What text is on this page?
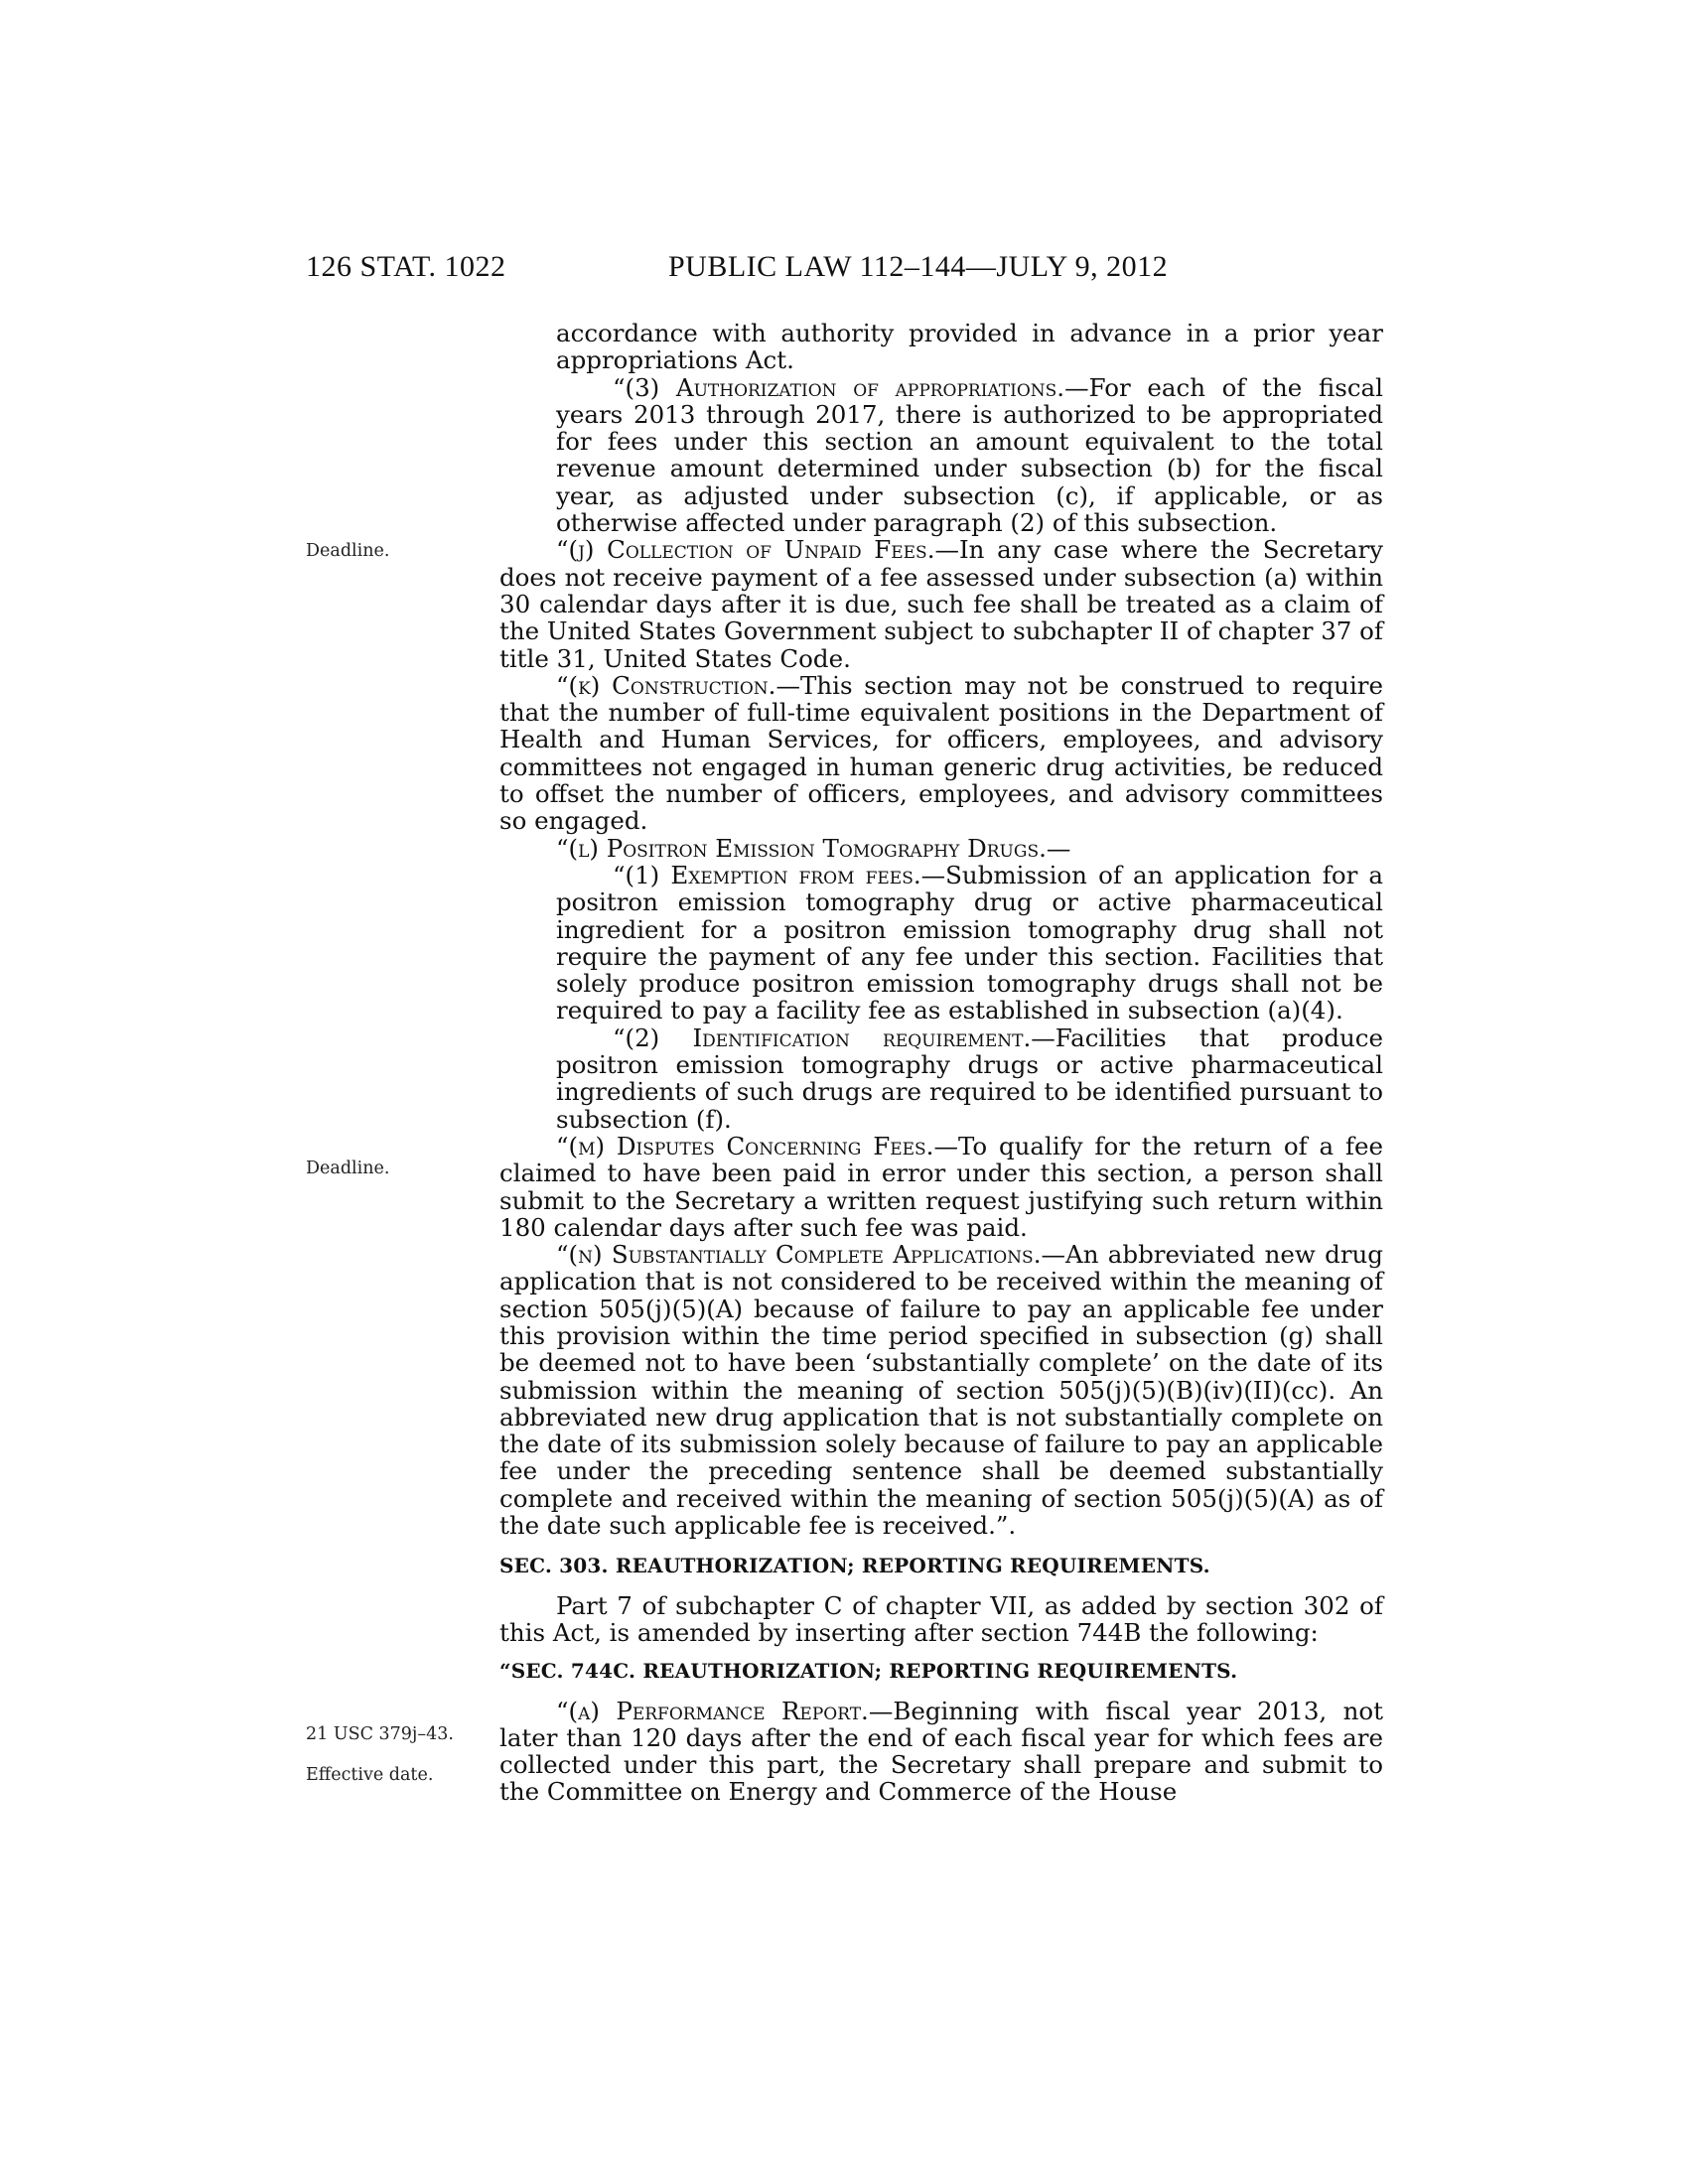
126 STAT. 1022	PUBLIC LAW 112–144—JULY 9, 2012
Deadline.
Deadline.
21 USC 379j–43.
Effective date.

accordance with authority provided in advance in a prior year appropriations Act.

“(3) Authorization of appropriations.—For each of the fiscal years 2013 through 2017, there is authorized to be appropriated for fees under this section an amount equivalent to the total revenue amount determined under subsection (b) for the fiscal year, as adjusted under subsection (c), if applicable, or as otherwise affected under paragraph (2) of this subsection.

“(j) Collection of Unpaid Fees.—In any case where the Secretary does not receive payment of a fee assessed under subsection (a) within 30 calendar days after it is due, such fee shall be treated as a claim of the United States Government subject to subchapter II of chapter 37 of title 31, United States Code.

“(k) Construction.—This section may not be construed to require that the number of full-time equivalent positions in the Department of Health and Human Services, for officers, employees, and advisory committees not engaged in human generic drug activities, be reduced to offset the number of officers, employees, and advisory committees so engaged.

“(l) Positron Emission Tomography Drugs.—

“(1) Exemption from fees.—Submission of an application for a positron emission tomography drug or active pharmaceutical ingredient for a positron emission tomography drug shall not require the payment of any fee under this section. Facilities that solely produce positron emission tomography drugs shall not be required to pay a facility fee as established in subsection (a)(4).

“(2) Identification requirement.—Facilities that produce positron emission tomography drugs or active pharmaceutical ingredients of such drugs are required to be identified pursuant to subsection (f).

“(m) Disputes Concerning Fees.—To qualify for the return of a fee claimed to have been paid in error under this section, a person shall submit to the Secretary a written request justifying such return within 180 calendar days after such fee was paid.

“(n) Substantially Complete Applications.—An abbreviated new drug application that is not considered to be received within the meaning of section 505(j)(5)(A) because of failure to pay an applicable fee under this provision within the time period specified in subsection (g) shall be deemed not to have been ‘substantially complete’ on the date of its submission within the meaning of section 505(j)(5)(B)(iv)(II)(cc). An abbreviated new drug application that is not substantially complete on the date of its submission solely because of failure to pay an applicable fee under the preceding sentence shall be deemed substantially complete and received within the meaning of section 505(j)(5)(A) as of the date such applicable fee is received.”.

SEC. 303. REAUTHORIZATION; REPORTING REQUIREMENTS.

Part 7 of subchapter C of chapter VII, as added by section 302 of this Act, is amended by inserting after section 744B the following:

“SEC. 744C. REAUTHORIZATION; REPORTING REQUIREMENTS.

“(a) Performance Report.—Beginning with fiscal year 2013, not later than 120 days after the end of each fiscal year for which fees are collected under this part, the Secretary shall prepare and submit to the Committee on Energy and Commerce of the House
